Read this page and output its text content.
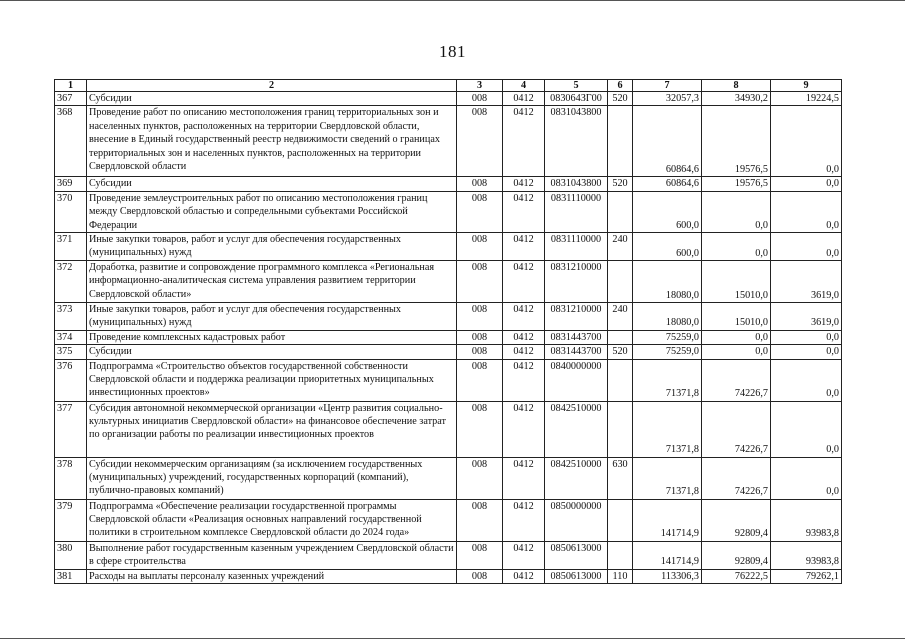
181
1	2	3	4	5	6	7	8	9
367	Субсидии	008	0412	083064ЗГ00	520	32057,3	34930,2	19224,5
368	Проведение работ по описанию местоположения границ территориальных зон и населенных пунктов, расположенных на территории Свердловской области, внесение в Единый государственный реестр недвижимости сведений о границах территориальных зон и населенных пунктов, расположенных на территории Свердловской области	008	0412	0831043800		60864,6	19576,5	0,0
369	Субсидии	008	0412	0831043800	520	60864,6	19576,5	0,0
370	Проведение землеустроительных работ по описанию местоположения границ между Свердловской областью и сопредельными субъектами Российской Федерации	008	0412	0831110000		600,0	0,0	0,0
371	Иные закупки товаров, работ и услуг для обеспечения государственных (муниципальных) нужд	008	0412	0831110000	240	600,0	0,0	0,0
372	Доработка, развитие и сопровождение программного комплекса «Региональная информационно-аналитическая система управления развитием территории Свердловской области»	008	0412	0831210000		18080,0	15010,0	3619,0
373	Иные закупки товаров, работ и услуг для обеспечения государственных (муниципальных) нужд	008	0412	0831210000	240	18080,0	15010,0	3619,0
374	Проведение комплексных кадастровых работ	008	0412	0831443700		75259,0	0,0	0,0
375	Субсидии	008	0412	0831443700	520	75259,0	0,0	0,0
376	Подпрограмма «Строительство объектов государственной собственности Свердловской области и поддержка реализации приоритетных муниципальных инвестиционных проектов»	008	0412	0840000000		71371,8	74226,7	0,0
377	Субсидия автономной некоммерческой организации «Центр развития социально-культурных инициатив Свердловской области» на финансовое обеспечение затрат по организации работы по реализации инвестиционных проектов	008	0412	0842510000		71371,8	74226,7	0,0
378	Субсидии некоммерческим организациям (за исключением государственных (муниципальных) учреждений, государственных корпораций (компаний), публично-правовых компаний)	008	0412	0842510000	630	71371,8	74226,7	0,0
379	Подпрограмма «Обеспечение реализации государственной программы Свердловской области «Реализация основных направлений государственной политики в строительном комплексе Свердловской области до 2024 года»	008	0412	0850000000		141714,9	92809,4	93983,8
380	Выполнение работ государственным казенным учреждением Свердловской области в сфере строительства	008	0412	0850613000		141714,9	92809,4	93983,8
381	Расходы на выплаты персоналу казенных учреждений	008	0412	0850613000	110	113306,3	76222,5	79262,1
